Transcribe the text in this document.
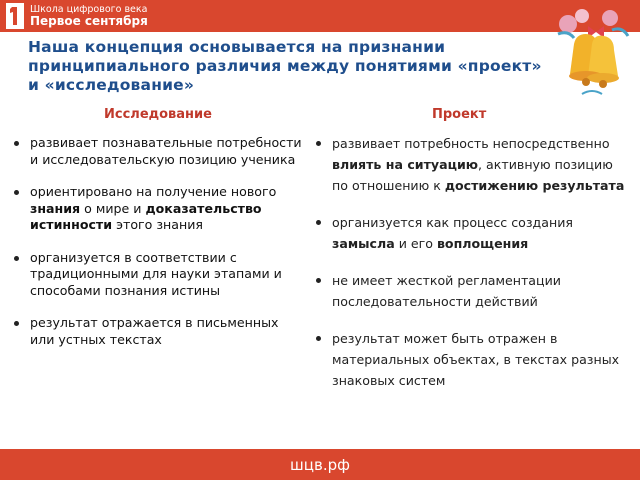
Школа цифрового века
Первое сентября
Наша концепция основывается на признании принципиального различия между понятиями «проект» и «исследование»
Исследование	Проект
развивает познавательные потребности и исследовательскую позицию ученика
ориентировано на получение нового знания о мире и доказательство истинности этого знания
организуется в соответствии с традиционными для науки этапами и способами познания истины
результат отражается в письменных или устных текстах
развивает потребность непосредственно влиять на ситуацию, активную позицию по отношению к достижению результата
организуется как процесс создания замысла и его воплощения
не имеет жесткой регламентации последовательности действий
результат может быть отражен в материальных объектах, в текстах разных знаковых систем
шцв.рф
